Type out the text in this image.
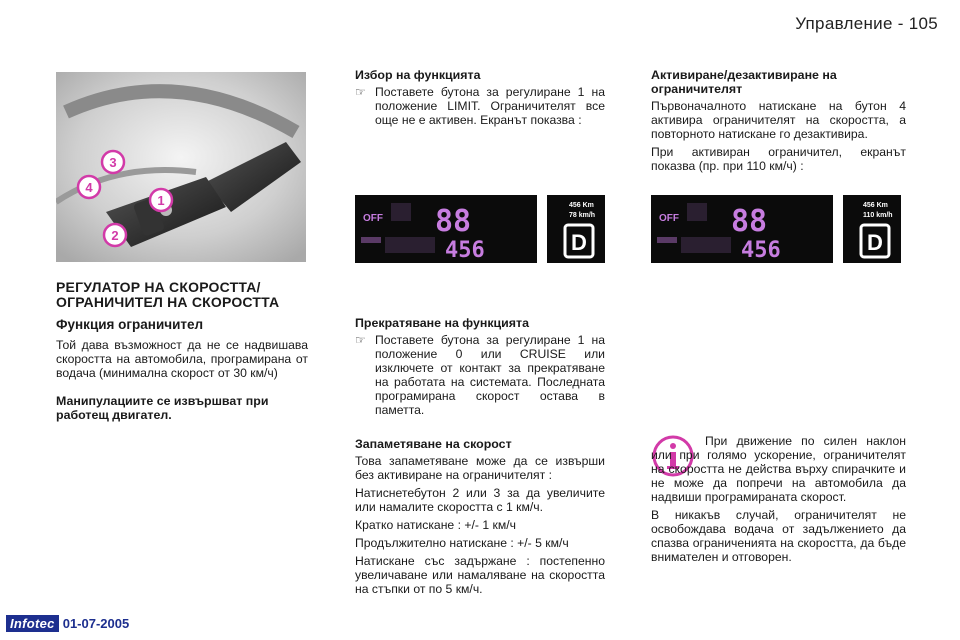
Управление - 105
3
4
1
2
РЕГУЛАТОР НА СКОРОСТТА/ ОГРАНИЧИТЕЛ НА СКОРОСТТА
Функция ограничител

Той дава възможност да не се надвишава скоростта на автомобила, програмирана от водача (минимална скорост от 30 км/ч)

Манипулациите се извършват при работещ двигател.
Избор на функцията
☞ Поставете бутона за регулиране 1 на положение LIMIT. Ограничителят все още не е активен. Екранът показва :
OFF 88
456
456 Km
78 km/h
D
Прекратяване на функцията
☞ Поставете бутона за регулиране 1 на положение 0 или CRUISE или изключете от контакт за прекратяване на работата на системата. Последната програмирана скорост остава в паметта.
Запаметяване на скорост

Това запаметяване може да се извърши без активиране на ограничителят :

Натиснетебутон 2 или 3 за да увеличите или намалите скоростта с 1 км/ч.

Кратко натискане : +/- 1 км/ч

Продължително натискане : +/- 5 км/ч

Натискане със задържане : постепенно увеличаване или намаляване на скоростта на стъпки от по 5 км/ч.

Активиране/дезактивиране на ограничителят

Първоначалното натискане на бутон 4 активира ограничителят на скоростта, а повторното натискане го дезактивира.

При активиран ограничител, екранът показва (пр. при 110 км/ч) :

OFF 88
456
456 Km
110 km/h
D

При движение по силен наклон или при голямо ускорение, ограничителят на скоростта не действа върху спирачките и не може да попречи на автомобила да надвиши програмираната скорост.

В никакъв случай, ограничителят не освобождава водача от задължението да спазва ограниченията на скоростта, да бъде внимателен и отговорен.

Infotec 01-07-2005
